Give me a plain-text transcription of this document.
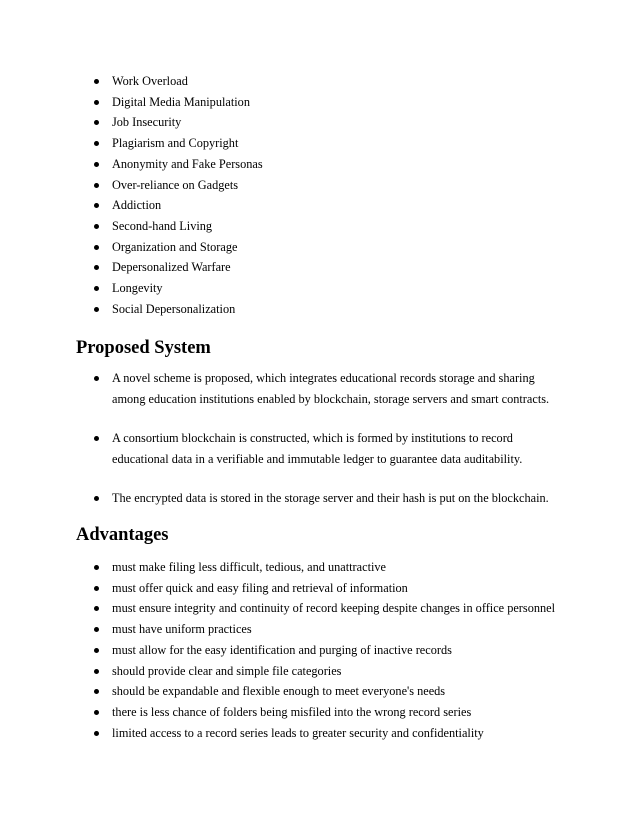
Work Overload
Digital Media Manipulation
Job Insecurity
Plagiarism and Copyright
Anonymity and Fake Personas
Over-reliance on Gadgets
Addiction
Second-hand Living
Organization and Storage
Depersonalized Warfare
Longevity
Social Depersonalization
Proposed System
A novel scheme is proposed, which integrates educational records storage and sharing among education institutions enabled by blockchain, storage servers and smart contracts.
A consortium blockchain is constructed, which is formed by institutions to record educational data in a verifiable and immutable ledger to guarantee data auditability.
The encrypted data is stored in the storage server and their hash is put on the blockchain.
Advantages
must make filing less difficult, tedious, and unattractive
must offer quick and easy filing and retrieval of information
must ensure integrity and continuity of record keeping despite changes in office personnel
must have uniform practices
must allow for the easy identification and purging of inactive records
should provide clear and simple file categories
should be expandable and flexible enough to meet everyone's needs
there is less chance of folders being misfiled into the wrong record series
limited access to a record series leads to greater security and confidentiality
